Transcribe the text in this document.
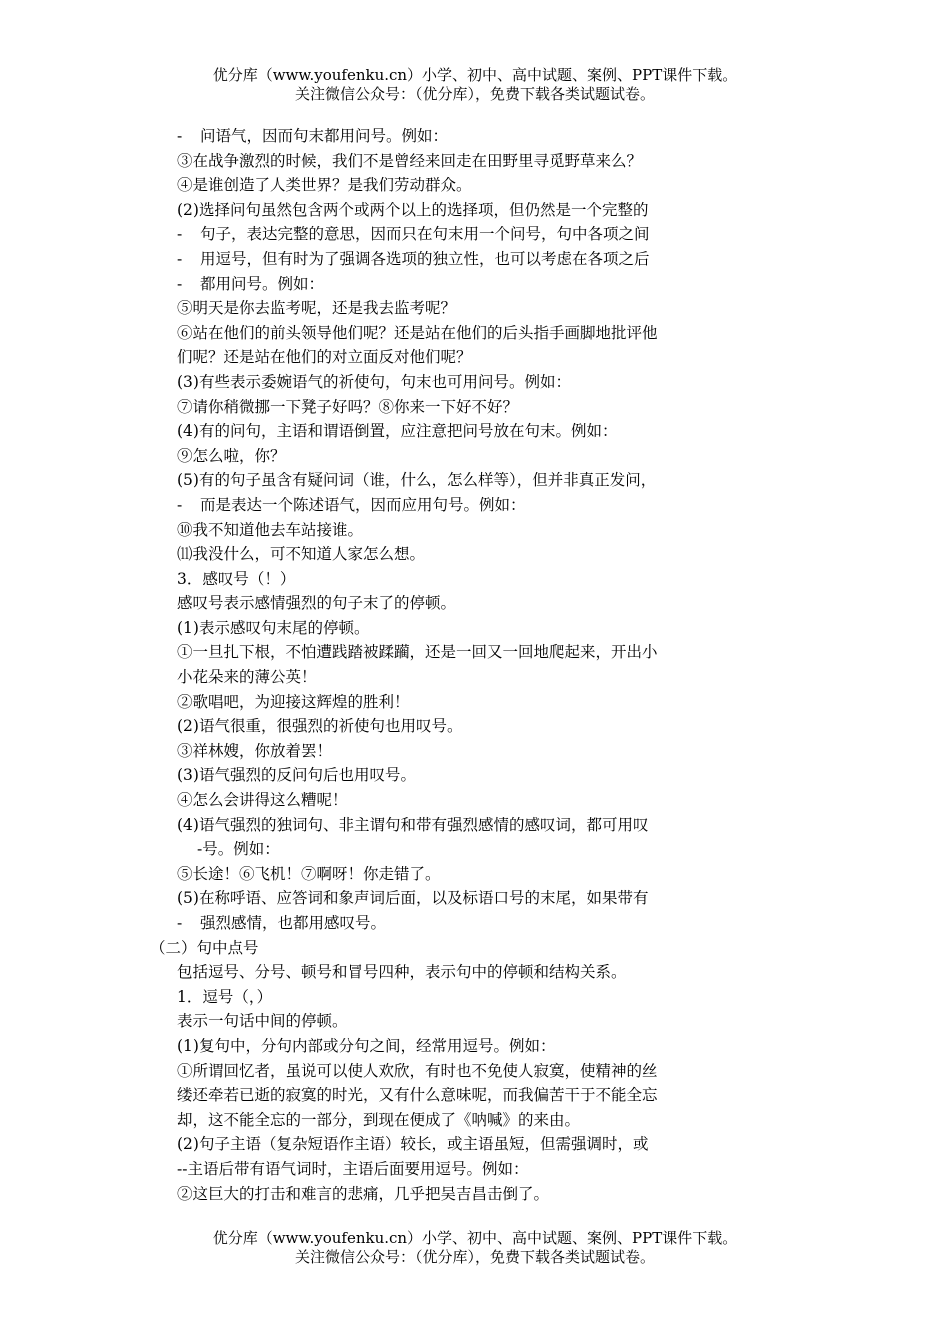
优分库（www.youfenku.cn）小学、初中、高中试题、案例、PPT课件下载。
关注微信公众号：（优分库），免费下载各类试题试卷。
- 问语气，因而句末都用问号。例如：
③在战争激烈的时候，我们不是曾经来回走在田野里寻觅野草来么？
④是谁创造了人类世界？是我们劳动群众。
(2)选择问句虽然包含两个或两个以上的选择项，但仍然是一个完整的
- 句子，表达完整的意思，因而只在句末用一个问号，句中各项之间
- 用逗号，但有时为了强调各选项的独立性，也可以考虑在各项之后
- 都用问号。例如：
⑤明天是你去监考呢，还是我去监考呢？
⑥站在他们的前头领导他们呢？还是站在他们的后头指手画脚地批评他
们呢？还是站在他们的对立面反对他们呢？
(3)有些表示委婉语气的祈使句，句末也可用问号。例如：
⑦请你稍微挪一下凳子好吗？⑧你来一下好不好？
(4)有的问句，主语和谓语倒置，应注意把问号放在句末。例如：
⑨怎么啦，你？
(5)有的句子虽含有疑问词（谁，什么，怎么样等），但并非真正发问，
- 而是表达一个陈述语气，因而应用句号。例如：
⑩我不知道他去车站接谁。
⑾我没什么，可不知道人家怎么想。
3．感叹号（！）
感叹号表示感情强烈的句子末了的停顿。
(1)表示感叹句末尾的停顿。
①一旦扎下根，不怕遭践踏被蹂躏，还是一回又一回地爬起来，开出小
小花朵来的薄公英！
②歌唱吧，为迎接这辉煌的胜利！
(2)语气很重，很强烈的祈使句也用叹号。
③祥林嫂，你放着罢！
(3)语气强烈的反问句后也用叹号。
④怎么会讲得这么糟呢！
(4)语气强烈的独词句、非主谓句和带有强烈感情的感叹词，都可用叹
-号。例如：
⑤长途！⑥飞机！⑦啊呀！你走错了。
(5)在称呼语、应答词和象声词后面，以及标语口号的末尾，如果带有
- 强烈感情，也都用感叹号。
（二）句中点号
包括逗号、分号、顿号和冒号四种，表示句中的停顿和结构关系。
1．逗号（，）
表示一句话中间的停顿。
(1)复句中，分句内部或分句之间，经常用逗号。例如：
①所谓回忆者，虽说可以使人欢欣，有时也不免使人寂寞，使精神的丝
缕还牵若已逝的寂寞的时光，又有什么意味呢，而我偏苦干于不能全忘
却，这不能全忘的一部分，到现在便成了《呐喊》的来由。
(2)句子主语（复杂短语作主语）较长，或主语虽短，但需强调时，或
--主语后带有语气词时，主语后面要用逗号。例如：
②这巨大的打击和难言的悲痛，几乎把吴吉昌击倒了。
优分库（www.youfenku.cn）小学、初中、高中试题、案例、PPT课件下载。
关注微信公众号：（优分库），免费下载各类试题试卷。
